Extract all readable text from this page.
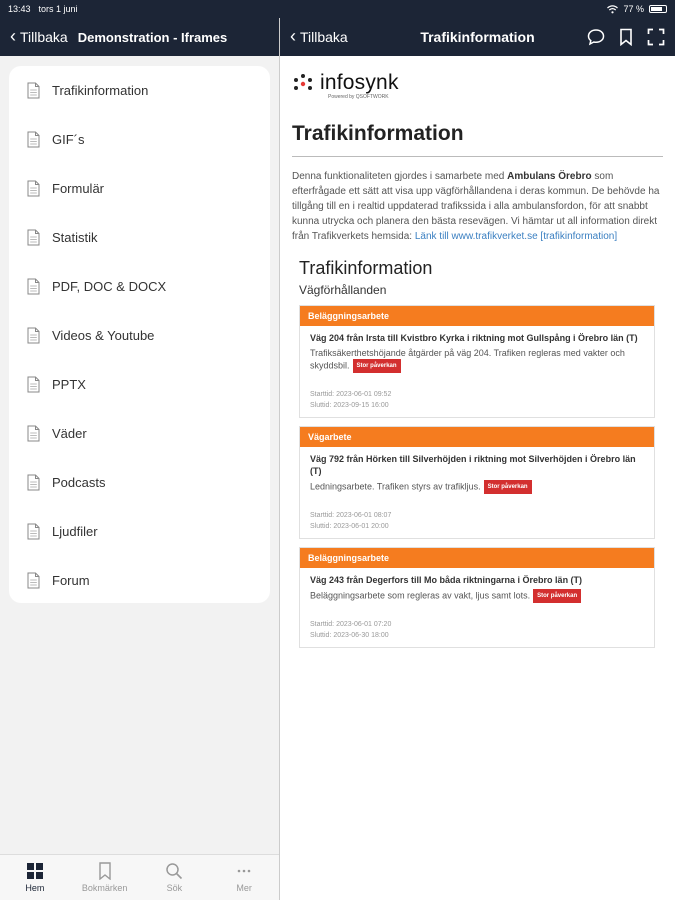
‹ Tillbaka Demonstration - Iframes
Trafikinformation
GIF´s
Formulär
Statistik
PDF, DOC & DOCX
Videos & Youtube
PPTX
Väder
Podcasts
Ljudfiler
Forum
Hem	Bokmärken	Sök	Mer
‹ Tillbaka	Trafikinformation
infosynk
Powered by QSOFTWORK
Trafikinformation

Denna funktionaliteten gjordes i samarbete med Ambulans Örebro som efterfrågade ett sätt att visa upp vägförhållandena i deras kommun. De behövde ha tillgång till en i realtid uppdaterad trafikssida i alla ambulansfordon, för att snabbt kunna utrycka och planera den bästa resevägen. Vi hämtar ut all information direkt från Trafikverkets hemsida: Länk till www.trafikverket.se [trafikinformation]

Trafikinformation
Vägförhållanden
Beläggningsarbete
Väg 204 från Irsta till Kvistbro Kyrka i riktning mot Gullspång i Örebro län (T)
Trafiksäkerthetshöjande åtgärder på väg 204. Trafiken regleras med vakter och skyddsbil. Stor påverkan
Starttid: 2023-06-01 09:52
Sluttid: 2023-09-15 16:00
Vägarbete
Väg 792 från Hörken till Silverhöjden i riktning mot Silverhöjden i Örebro län (T)
Ledningsarbete. Trafiken styrs av trafikljus. Stor påverkan
Starttid: 2023-06-01 08:07
Sluttid: 2023-06-01 20:00
Beläggningsarbete
Väg 243 från Degerfors till Mo båda riktningarna i Örebro län (T)
Beläggningsarbete som regleras av vakt, ljus samt lots. Stor påverkan
Starttid: 2023-06-01 07:20
Sluttid: 2023-06-30 18:00
13:43 tors 1 juni	77 %
